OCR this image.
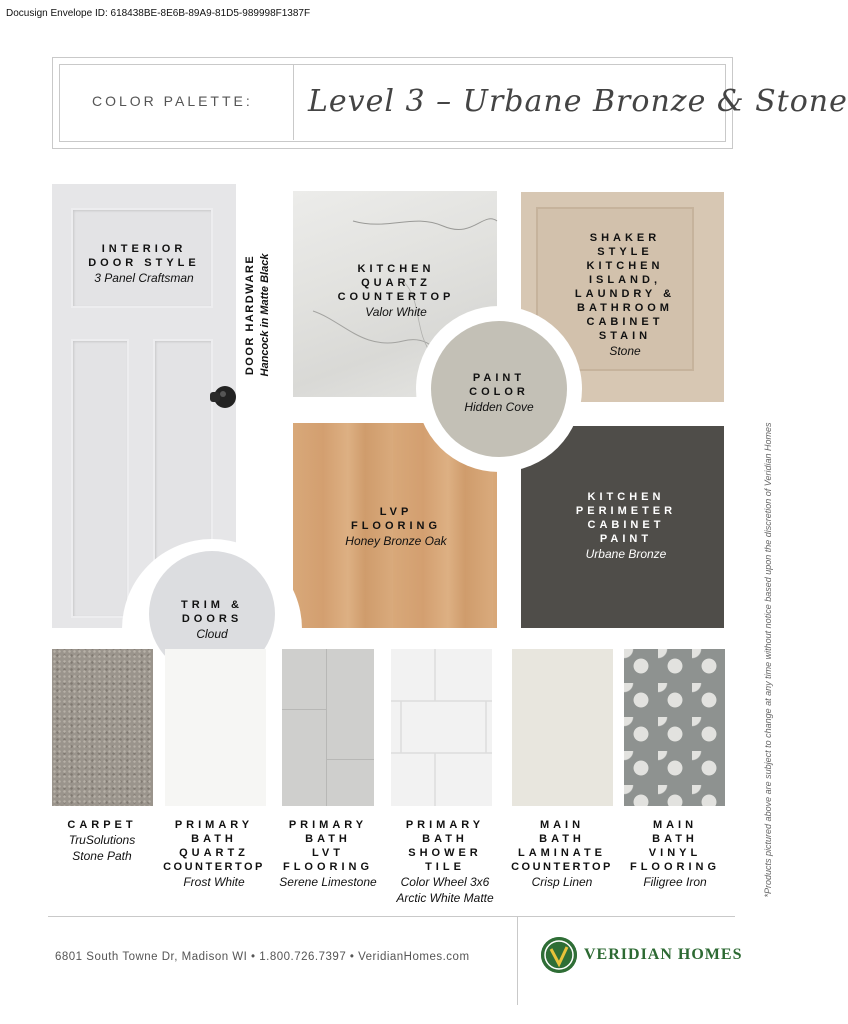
Docusign Envelope ID: 618438BE-8E6B-89A9-81D5-989998F1387F
COLOR PALETTE: Level 3 – Urbane Bronze & Stone
INTERIOR
DOOR STYLE
3 Panel Craftsman	DOOR HARDWARE Hancock in Matte Black	KITCHEN
QUARTZ
COUNTERTOP
Valor White
SHAKER
STYLE
KITCHEN
ISLAND,
LAUNDRY &
BATHROOM
CABINET
STAIN
Stone
LVP
FLOORING
Honey Bronze Oak
KITCHEN
PERIMETER
CABINET
PAINT
Urbane Bronze
PAINT
COLOR
Hidden Cove
TRIM &
DOORS
Cloud
CARPET
TruSolutions
Stone Path
PRIMARY
BATH
QUARTZ
COUNTERTOP
Frost White
PRIMARY
BATH
LVT
FLOORING
Serene Limestone
PRIMARY
BATH
SHOWER
TILE
Color Wheel 3x6
Arctic White Matte
MAIN
BATH
LAMINATE
COUNTERTOP
Crisp Linen
MAIN
BATH
VINYL
FLOORING
Filigree Iron	*Products pictured above are subject to change at any time without notice based upon the discretion of Veridian Homes
6801 South Towne Dr, Madison WI • 1.800.726.7397 • VeridianHomes.com	VERIDIAN HOMES
